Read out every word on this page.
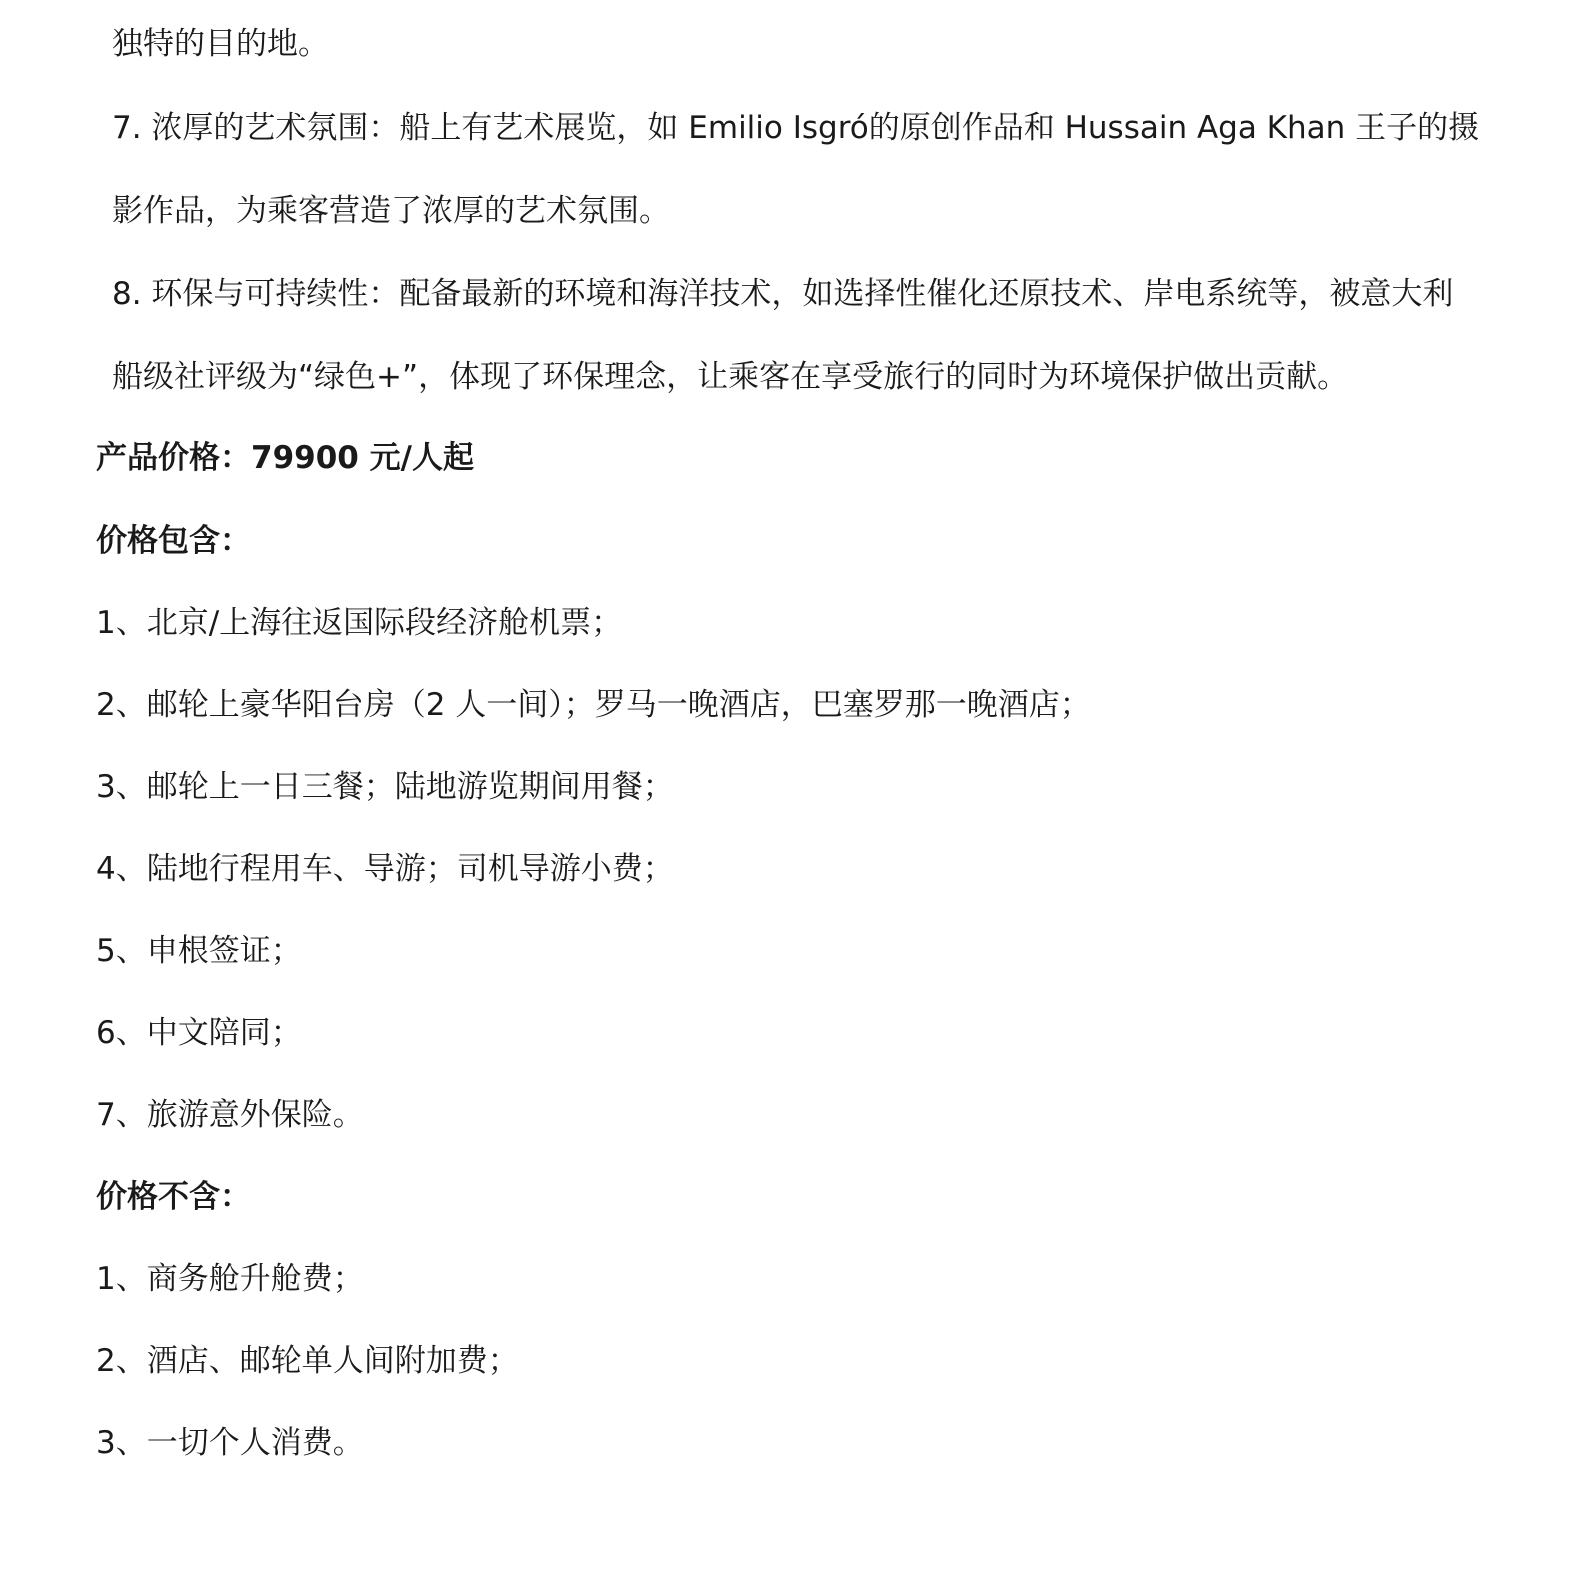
独特的目的地。

7. 浓厚的艺术氛围：船上有艺术展览，如 Emilio Isgró的原创作品和 Hussain Aga Khan 王子的摄

影作品，为乘客营造了浓厚的艺术氛围。

8. 环保与可持续性：配备最新的环境和海洋技术，如选择性催化还原技术、岸电系统等，被意大利

船级社评级为“绿色+”，体现了环保理念，让乘客在享受旅行的同时为环境保护做出贡献。

产品价格：79900 元/人起

价格包含：

1、北京/上海往返国际段经济舱机票；

2、邮轮上豪华阳台房（2 人一间）；罗马一晚酒店，巴塞罗那一晚酒店；

3、邮轮上一日三餐；陆地游览期间用餐；

4、陆地行程用车、导游；司机导游小费；

5、申根签证；

6、中文陪同；

7、旅游意外保险。

价格不含：

1、商务舱升舱费；

2、酒店、邮轮单人间附加费；

3、一切个人消费。
